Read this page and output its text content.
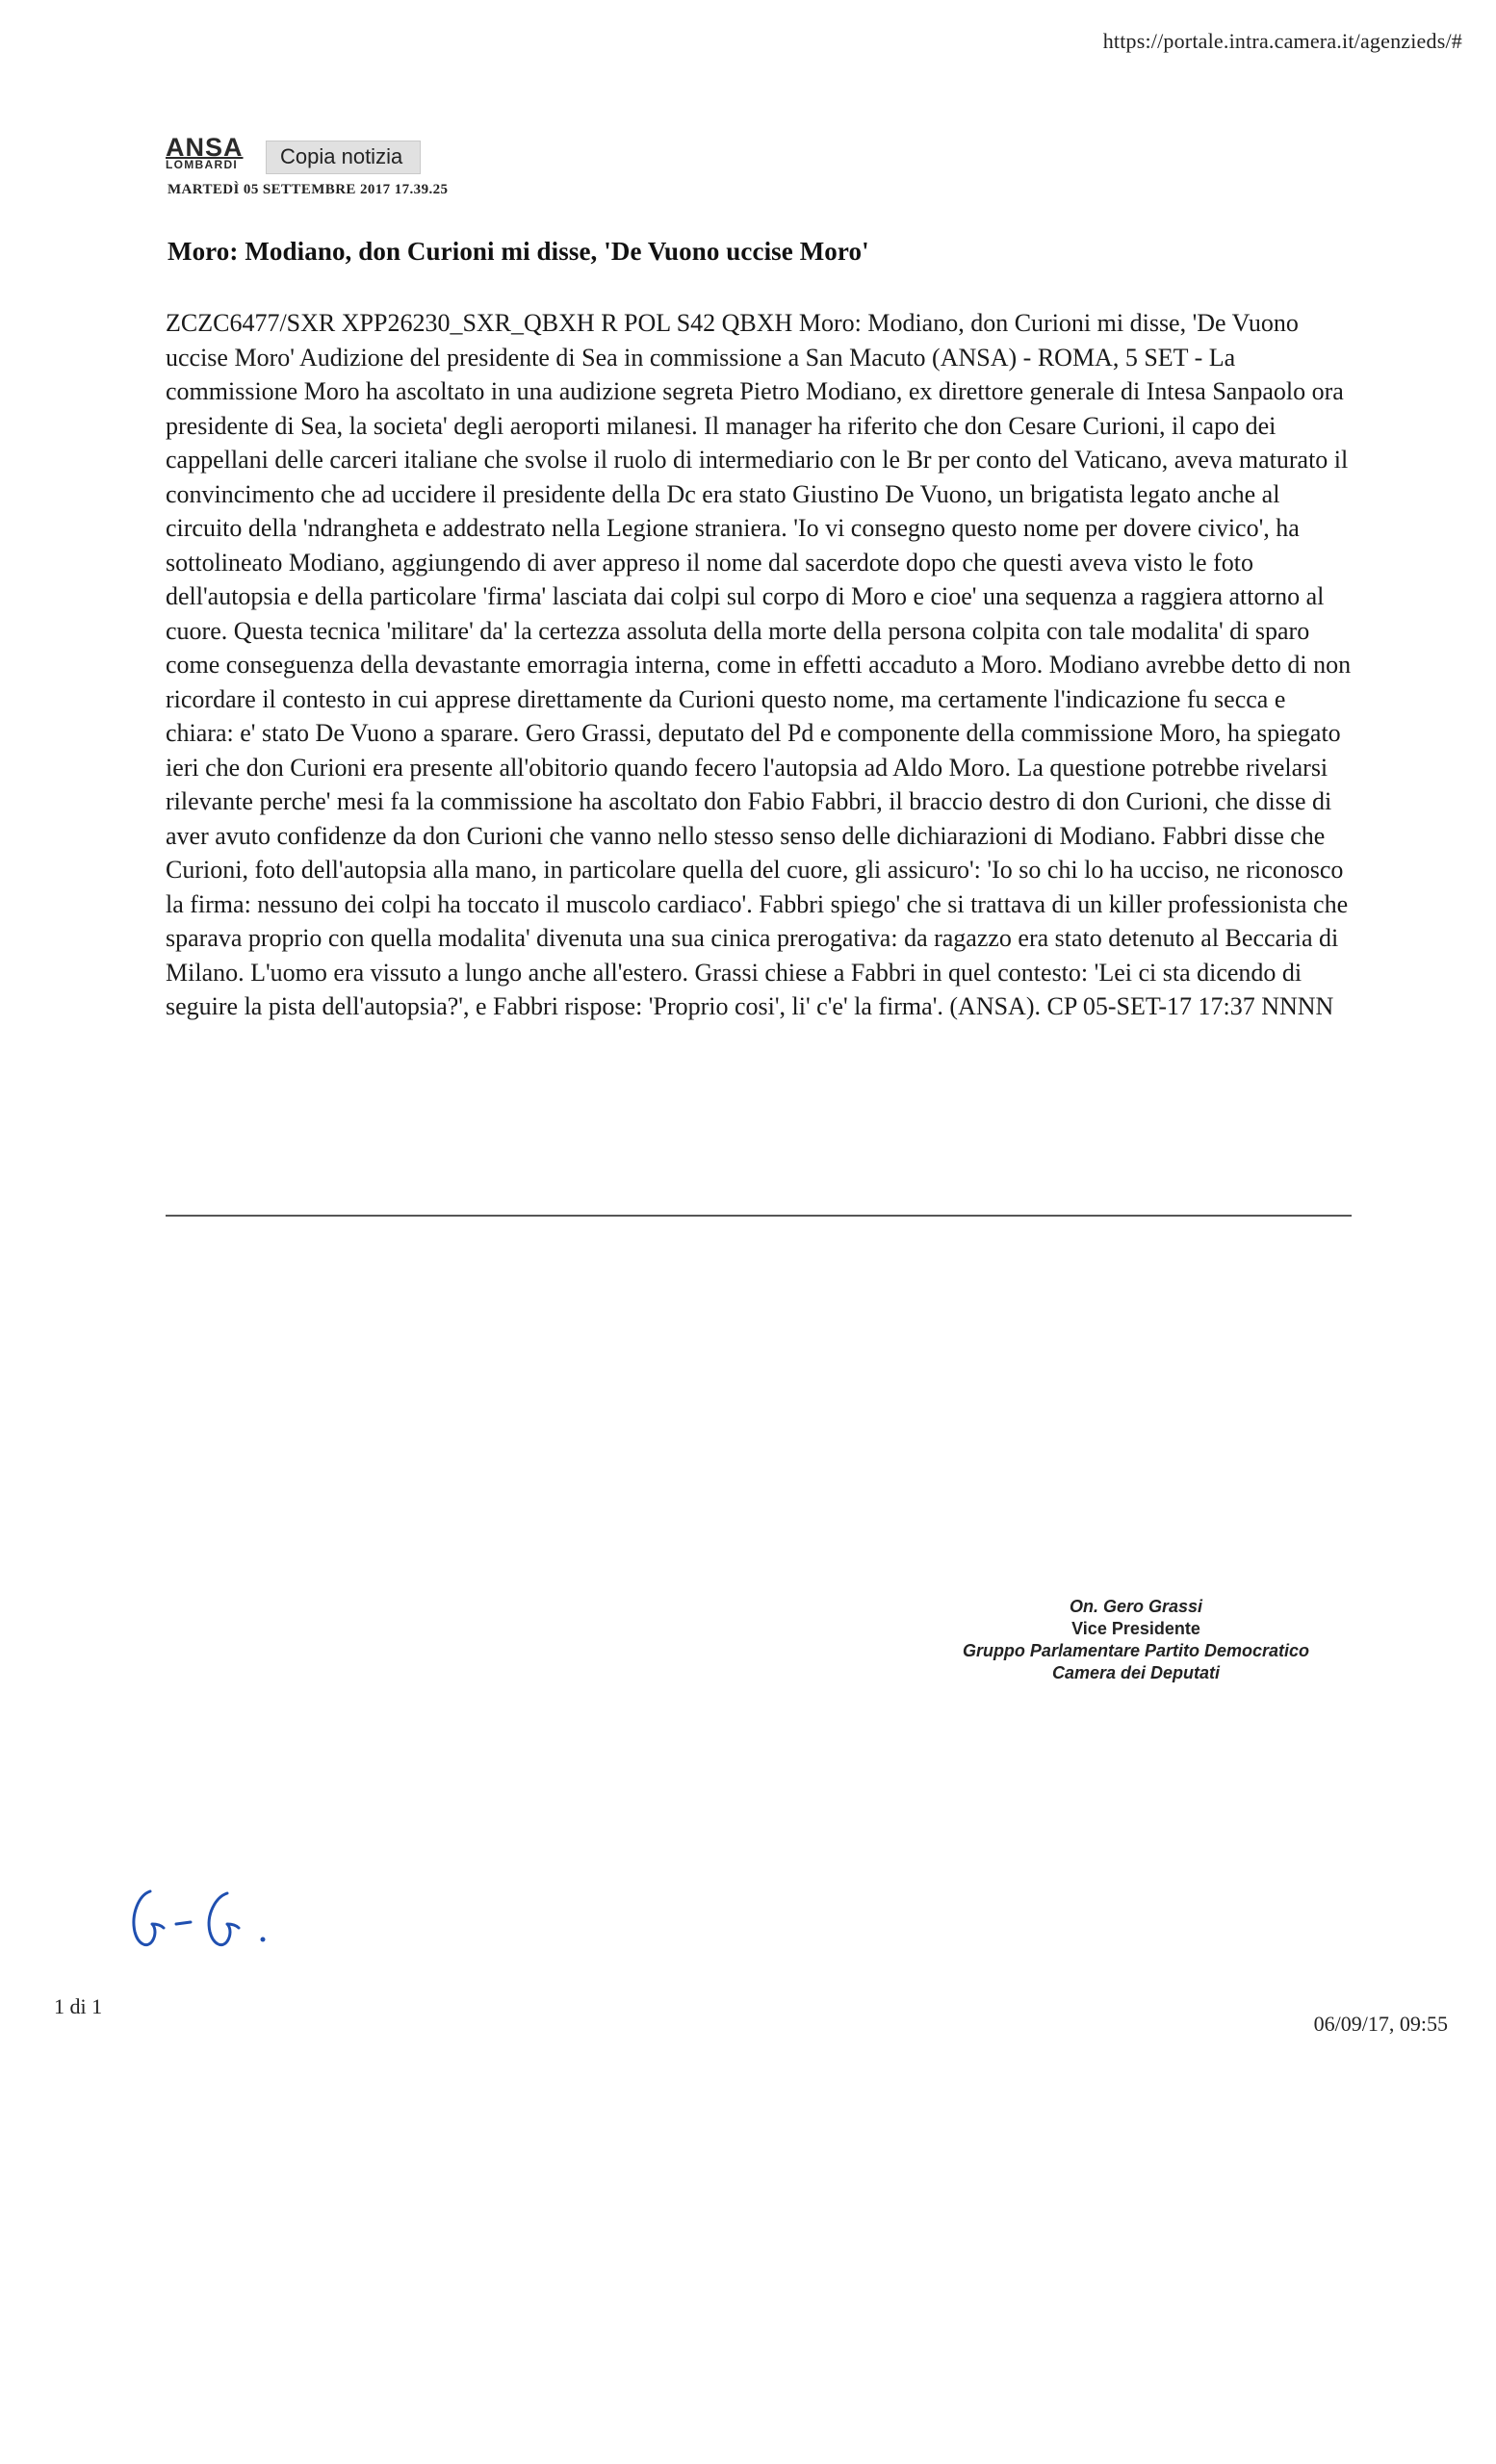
https://portale.intra.camera.it/agenzieds/#
ANSA
LOMBARDI	Copia notizia
MARTEDÌ 05 SETTEMBRE 2017 17.39.25
Moro: Modiano, don Curioni mi disse, 'De Vuono uccise Moro'

ZCZC6477/SXR XPP26230_SXR_QBXH R POL S42 QBXH Moro: Modiano, don Curioni mi disse, 'De Vuono uccise Moro' Audizione del presidente di Sea in commissione a San Macuto (ANSA) - ROMA, 5 SET - La commissione Moro ha ascoltato in una audizione segreta Pietro Modiano, ex direttore generale di Intesa Sanpaolo ora presidente di Sea, la societa' degli aeroporti milanesi. Il manager ha riferito che don Cesare Curioni, il capo dei cappellani delle carceri italiane che svolse il ruolo di intermediario con le Br per conto del Vaticano, aveva maturato il convincimento che ad uccidere il presidente della Dc era stato Giustino De Vuono, un brigatista legato anche al circuito della 'ndrangheta e addestrato nella Legione straniera. 'Io vi consegno questo nome per dovere civico', ha sottolineato Modiano, aggiungendo di aver appreso il nome dal sacerdote dopo che questi aveva visto le foto dell'autopsia e della particolare 'firma' lasciata dai colpi sul corpo di Moro e cioe' una sequenza a raggiera attorno al cuore. Questa tecnica 'militare' da' la certezza assoluta della morte della persona colpita con tale modalita' di sparo come conseguenza della devastante emorragia interna, come in effetti accaduto a Moro. Modiano avrebbe detto di non ricordare il contesto in cui apprese direttamente da Curioni questo nome, ma certamente l'indicazione fu secca e chiara: e' stato De Vuono a sparare. Gero Grassi, deputato del Pd e componente della commissione Moro, ha spiegato ieri che don Curioni era presente all'obitorio quando fecero l'autopsia ad Aldo Moro. La questione potrebbe rivelarsi rilevante perche' mesi fa la commissione ha ascoltato don Fabio Fabbri, il braccio destro di don Curioni, che disse di aver avuto confidenze da don Curioni che vanno nello stesso senso delle dichiarazioni di Modiano. Fabbri disse che Curioni, foto dell'autopsia alla mano, in particolare quella del cuore, gli assicuro': 'Io so chi lo ha ucciso, ne riconosco la firma: nessuno dei colpi ha toccato il muscolo cardiaco'. Fabbri spiego' che si trattava di un killer professionista che sparava proprio con quella modalita' divenuta una sua cinica prerogativa: da ragazzo era stato detenuto al Beccaria di Milano. L'uomo era vissuto a lungo anche all'estero. Grassi chiese a Fabbri in quel contesto: 'Lei ci sta dicendo di seguire la pista dell'autopsia?', e Fabbri rispose: 'Proprio cosi', li' c'e' la firma'. (ANSA). CP 05-SET-17 17:37 NNNN

On. Gero Grassi
Vice Presidente
Gruppo Parlamentare Partito Democratico
Camera dei Deputati
1 di 1
06/09/17, 09:55
